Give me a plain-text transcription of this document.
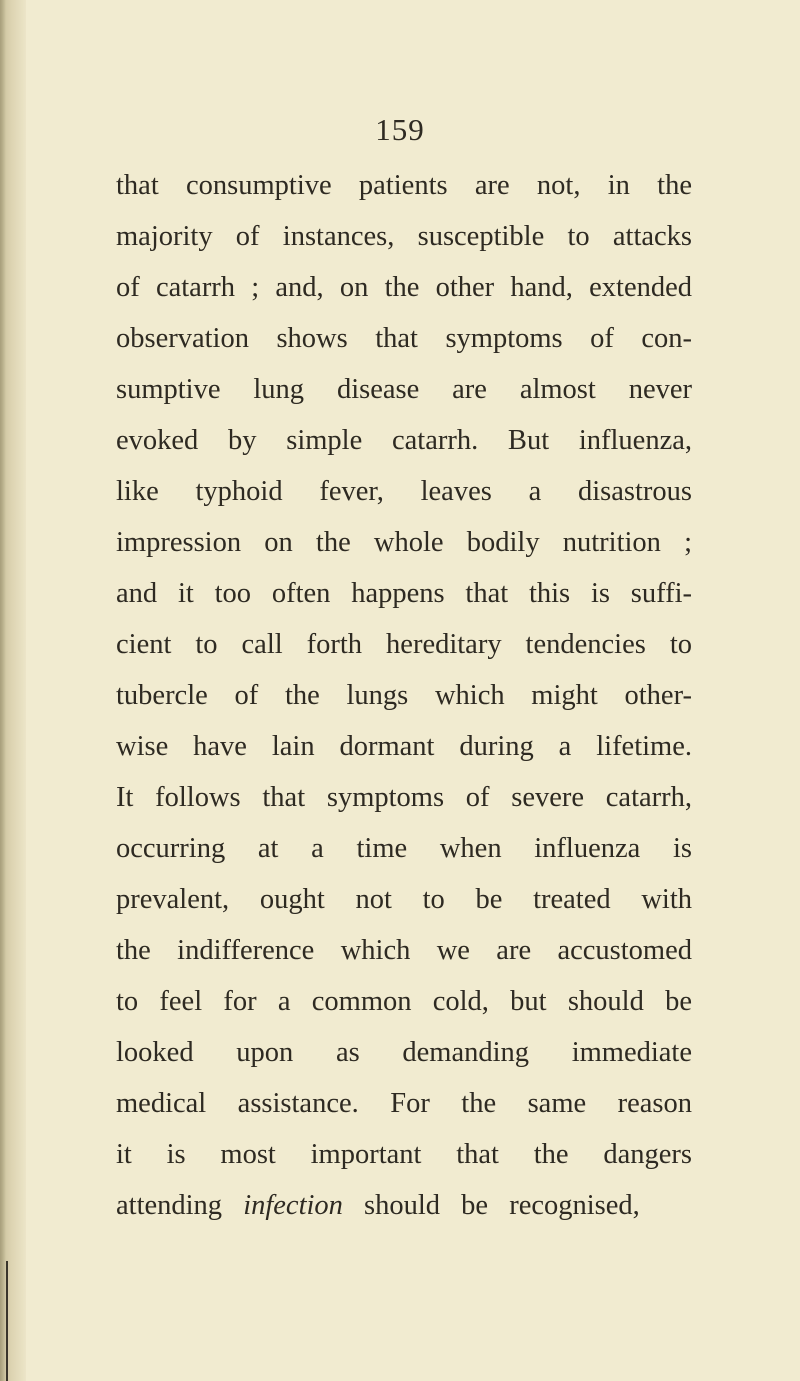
159
that consumptive patients are not, in the
majority of instances, susceptible to attacks
of catarrh ; and, on the other hand, extended
observation shows that symptoms of con-
sumptive lung disease are almost never
evoked by simple catarrh. But influenza,
like typhoid fever, leaves a disastrous
impression on the whole bodily nutrition ;
and it too often happens that this is suffi-
cient to call forth hereditary tendencies to
tubercle of the lungs which might other-
wise have lain dormant during a lifetime.
It follows that symptoms of severe catarrh,
occurring at a time when influenza is
prevalent, ought not to be treated with
the indifference which we are accustomed
to feel for a common cold, but should be
looked upon as demanding immediate
medical assistance. For the same reason
it is most important that the dangers
attending infection should be recognised,
